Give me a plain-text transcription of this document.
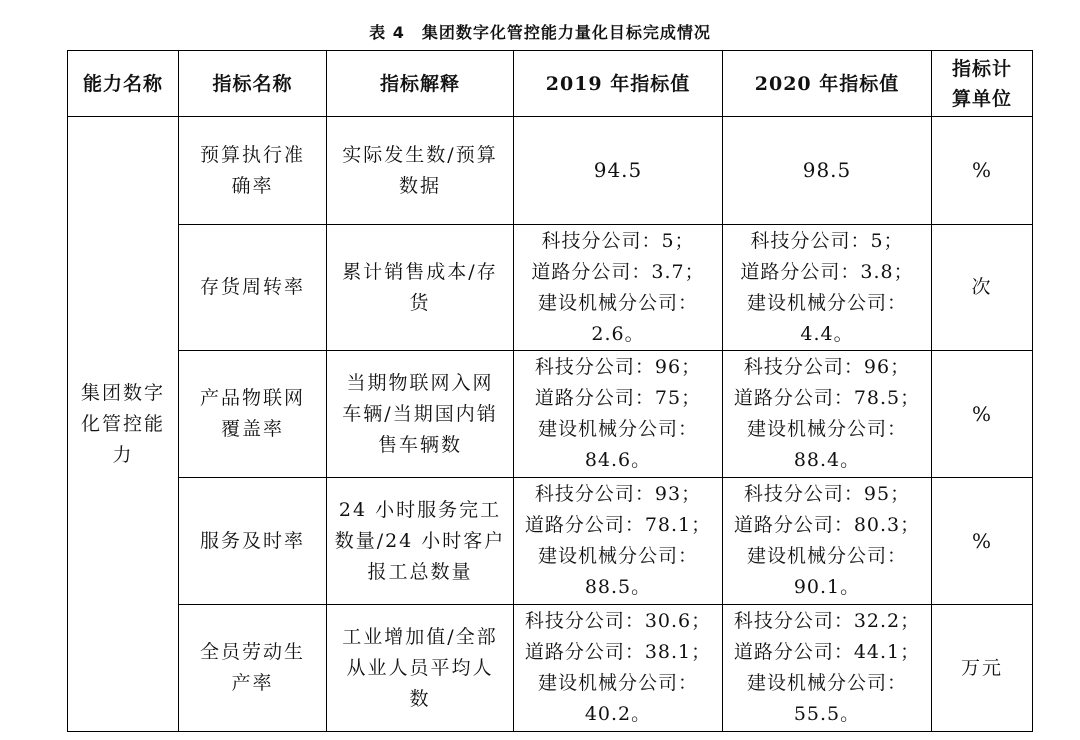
表 4　集团数字化管控能力量化目标完成情况
能力名称	指标名称	指标解释	2019 年指标值	2020 年指标值	指标计
算单位
集团数字
化管控能
力	预算执行准
确率	实际发生数/预算
数据	94.5	98.5	%
	存货周转率	累计销售成本/存
货	科技分公司：5；
道路分公司：3.7；
建设机械分公司：
2.6。	科技分公司：5；
道路分公司：3.8；
建设机械分公司：
4.4。	次
	产品物联网
覆盖率	当期物联网入网
车辆/当期国内销
售车辆数	科技分公司：96；
道路分公司：75；
建设机械分公司：
84.6。	科技分公司：96；
道路分公司：78.5；
建设机械分公司：
88.4。	%
	服务及时率	24 小时服务完工
数量/24 小时客户
报工总数量	科技分公司：93；
道路分公司：78.1；
建设机械分公司：
88.5。	科技分公司：95；
道路分公司：80.3；
建设机械分公司：
90.1。	%
	全员劳动生
产率	工业增加值/全部
从业人员平均人
数	科技分公司：30.6；
道路分公司：38.1；
建设机械分公司：
40.2。	科技分公司：32.2；
道路分公司：44.1；
建设机械分公司：
55.5。	万元
